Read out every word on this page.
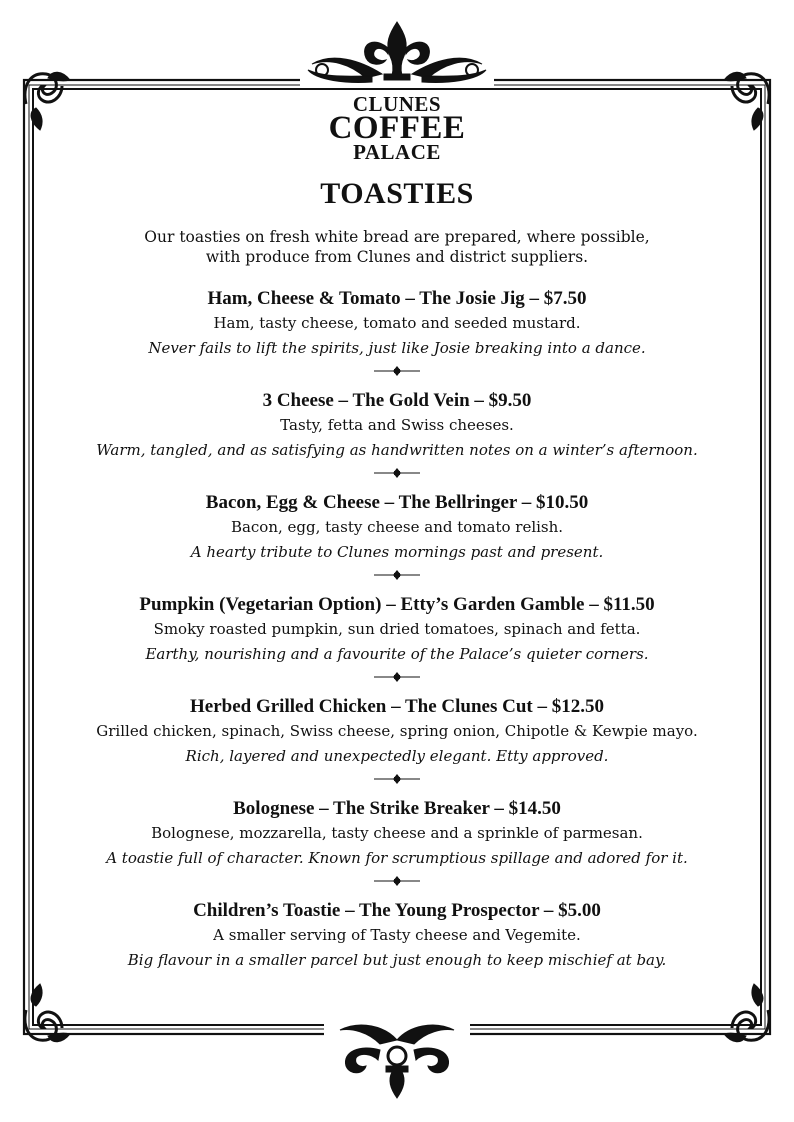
CLUNES
COFFEE
PALACE
TOASTIES
Our toasties on fresh white bread are prepared, where possible,
with produce from Clunes and district suppliers.
Ham, Cheese & Tomato – The Josie Jig – $7.50
Ham, tasty cheese, tomato and seeded mustard.
Never fails to lift the spirits, just like Josie breaking into a dance.
3 Cheese – The Gold Vein – $9.50
Tasty, fetta and Swiss cheeses.
Warm, tangled, and as satisfying as handwritten notes on a winter’s afternoon.
Bacon, Egg & Cheese – The Bellringer – $10.50
Bacon, egg, tasty cheese and tomato relish.
A hearty tribute to Clunes mornings past and present.
Pumpkin (Vegetarian Option) – Etty’s Garden Gamble – $11.50
Smoky roasted pumpkin, sun dried tomatoes, spinach and fetta.
Earthy, nourishing and a favourite of the Palace’s quieter corners.
Herbed Grilled Chicken – The Clunes Cut – $12.50
Grilled chicken, spinach, Swiss cheese, spring onion, Chipotle & Kewpie mayo.
Rich, layered and unexpectedly elegant. Etty approved.
Bolognese – The Strike Breaker – $14.50
Bolognese, mozzarella, tasty cheese and a sprinkle of parmesan.
A toastie full of character. Known for scrumptious spillage and adored for it.
Children’s Toastie – The Young Prospector – $5.00
A smaller serving of Tasty cheese and Vegemite.
Big flavour in a smaller parcel but just enough to keep mischief at bay.
